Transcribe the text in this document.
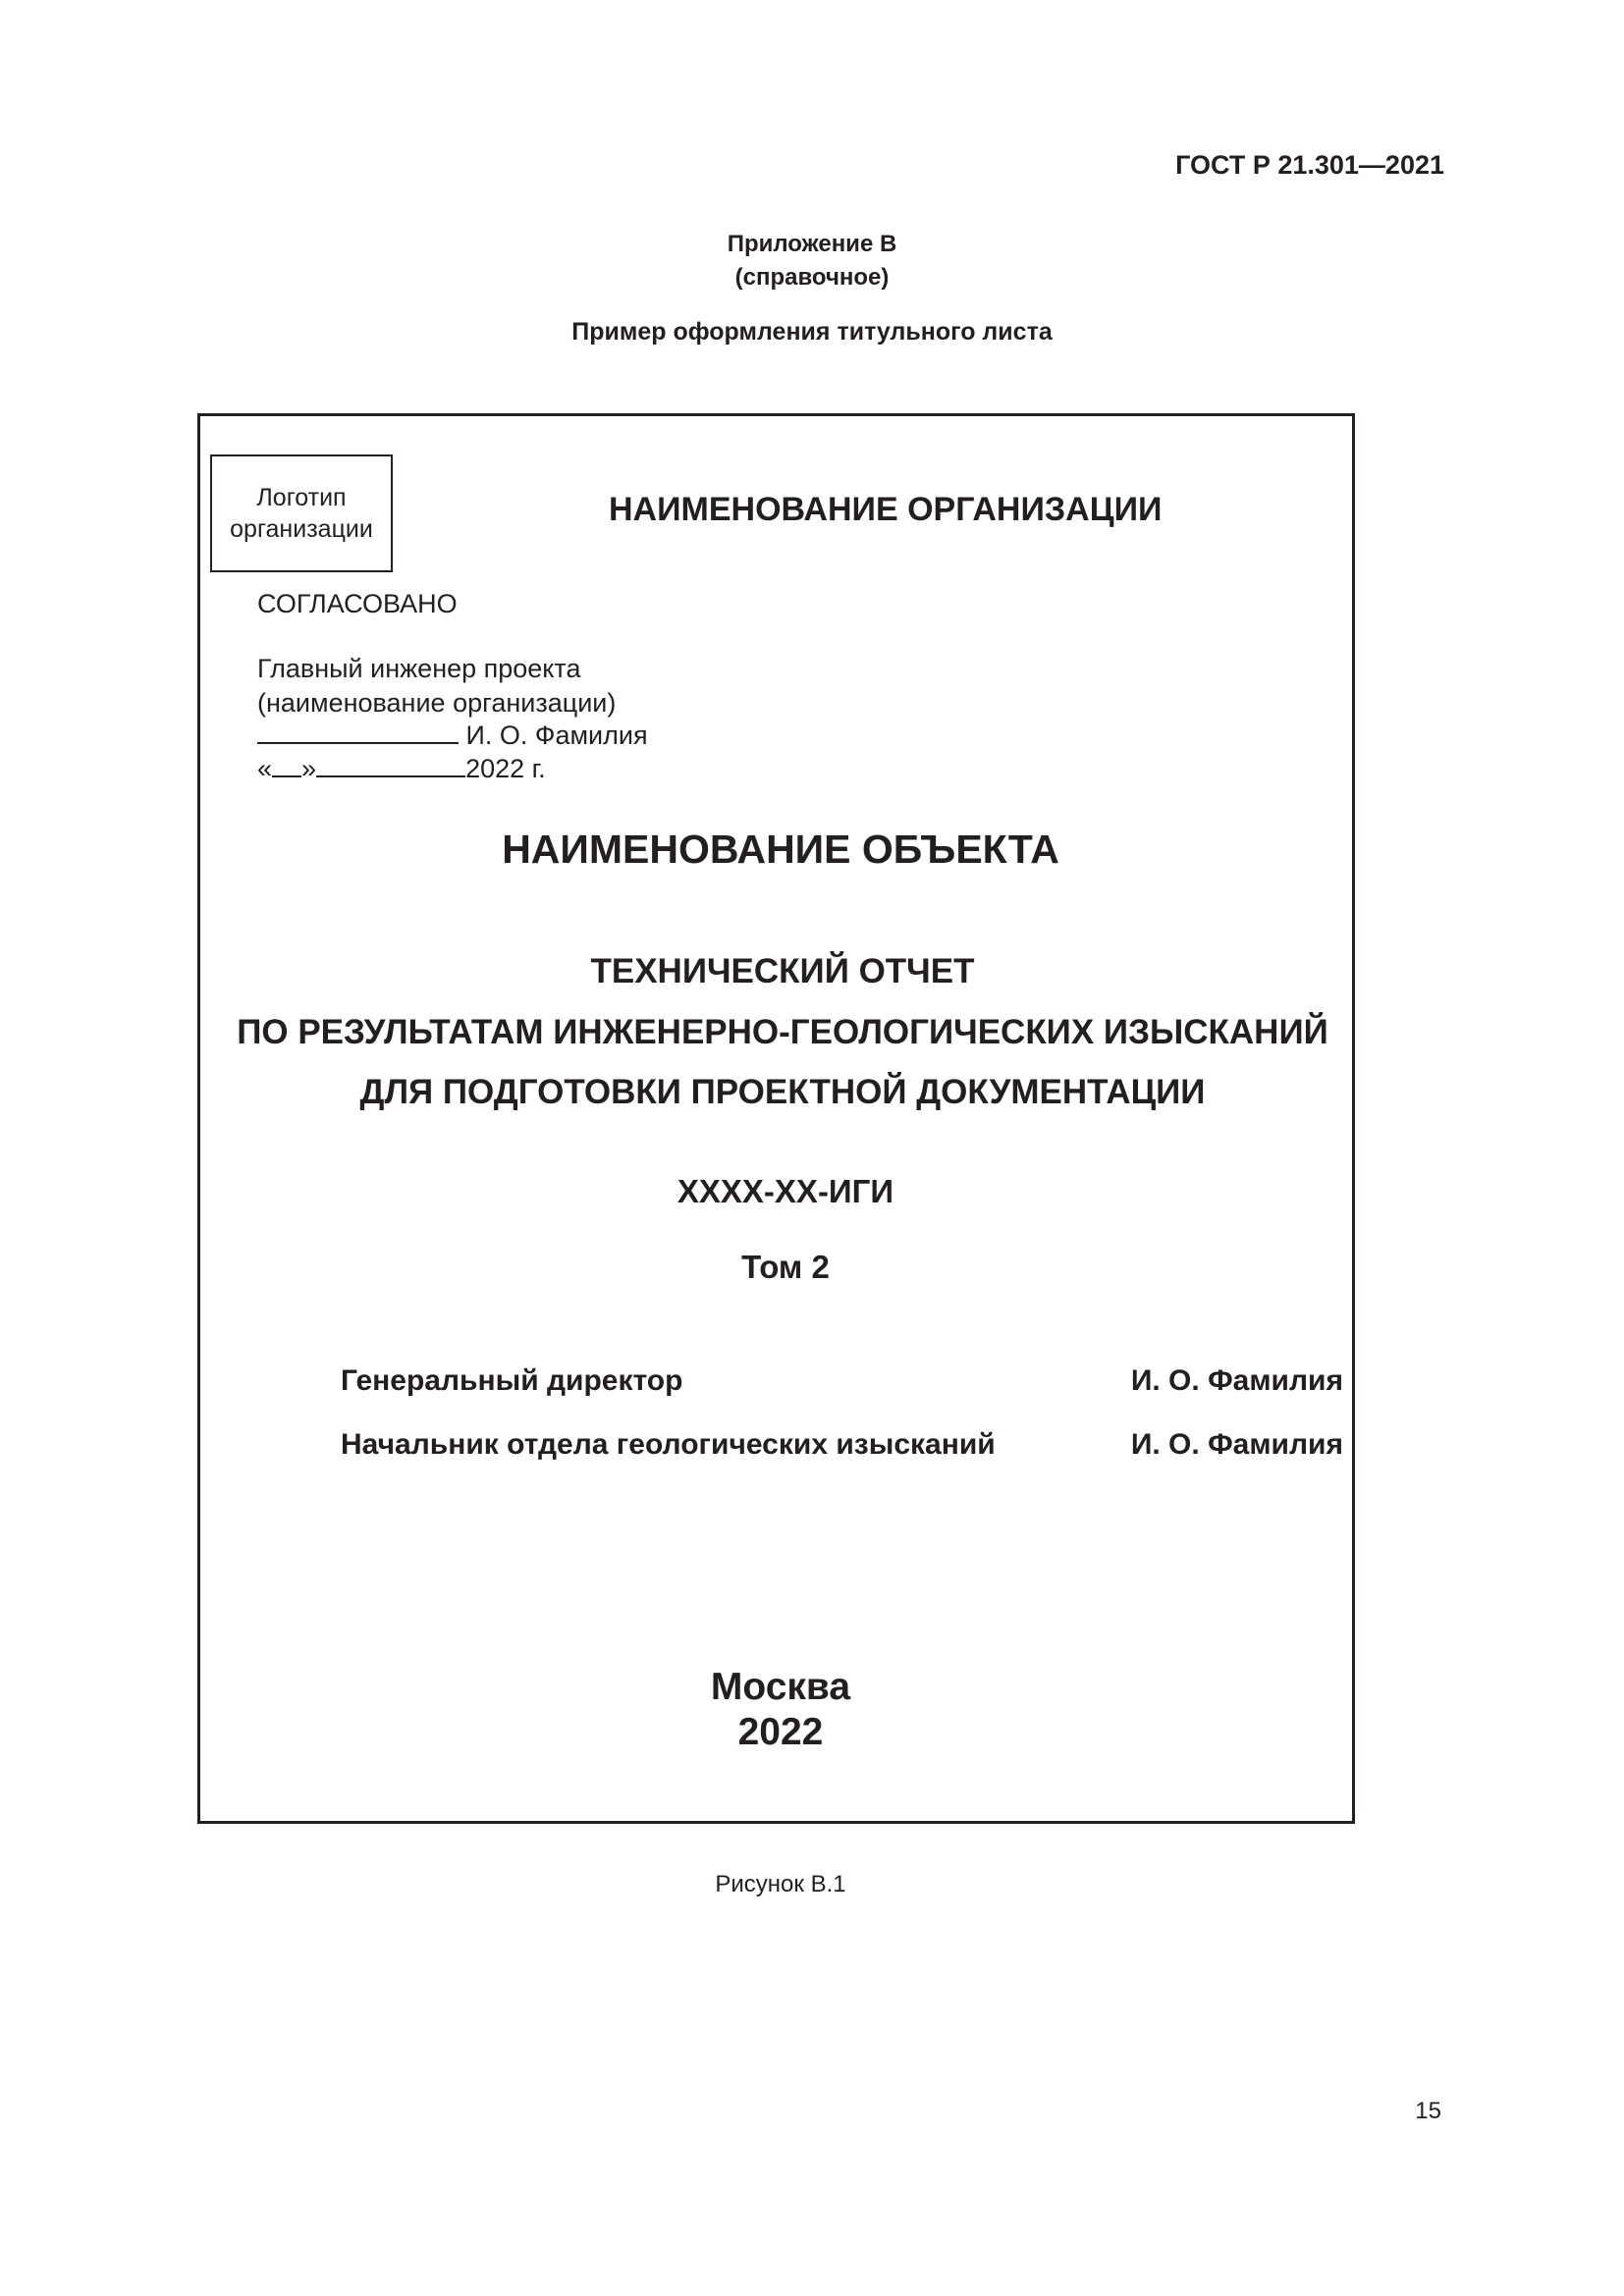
ГОСТ Р 21.301—2021
Приложение В
(справочное)
Пример оформления титульного листа
Логотип
организации
НАИМЕНОВАНИЕ ОРГАНИЗАЦИИ
СОГЛАСОВАНО
Главный инженер проекта
(наименование организации)
И. О. Фамилия
« »	2022 г.
НАИМЕНОВАНИЕ ОБЪЕКТА
ТЕХНИЧЕСКИЙ ОТЧЕТ
ПО РЕЗУЛЬТАТАМ ИНЖЕНЕРНО-ГЕОЛОГИЧЕСКИХ ИЗЫСКАНИЙ
ДЛЯ ПОДГОТОВКИ ПРОЕКТНОЙ ДОКУМЕНТАЦИИ
ХХХХ-ХХ-ИГИ
Том 2
Генеральный директор	И. О. Фамилия
Начальник отдела геологических изысканий	И. О. Фамилия
Москва
2022
Рисунок В.1
15
